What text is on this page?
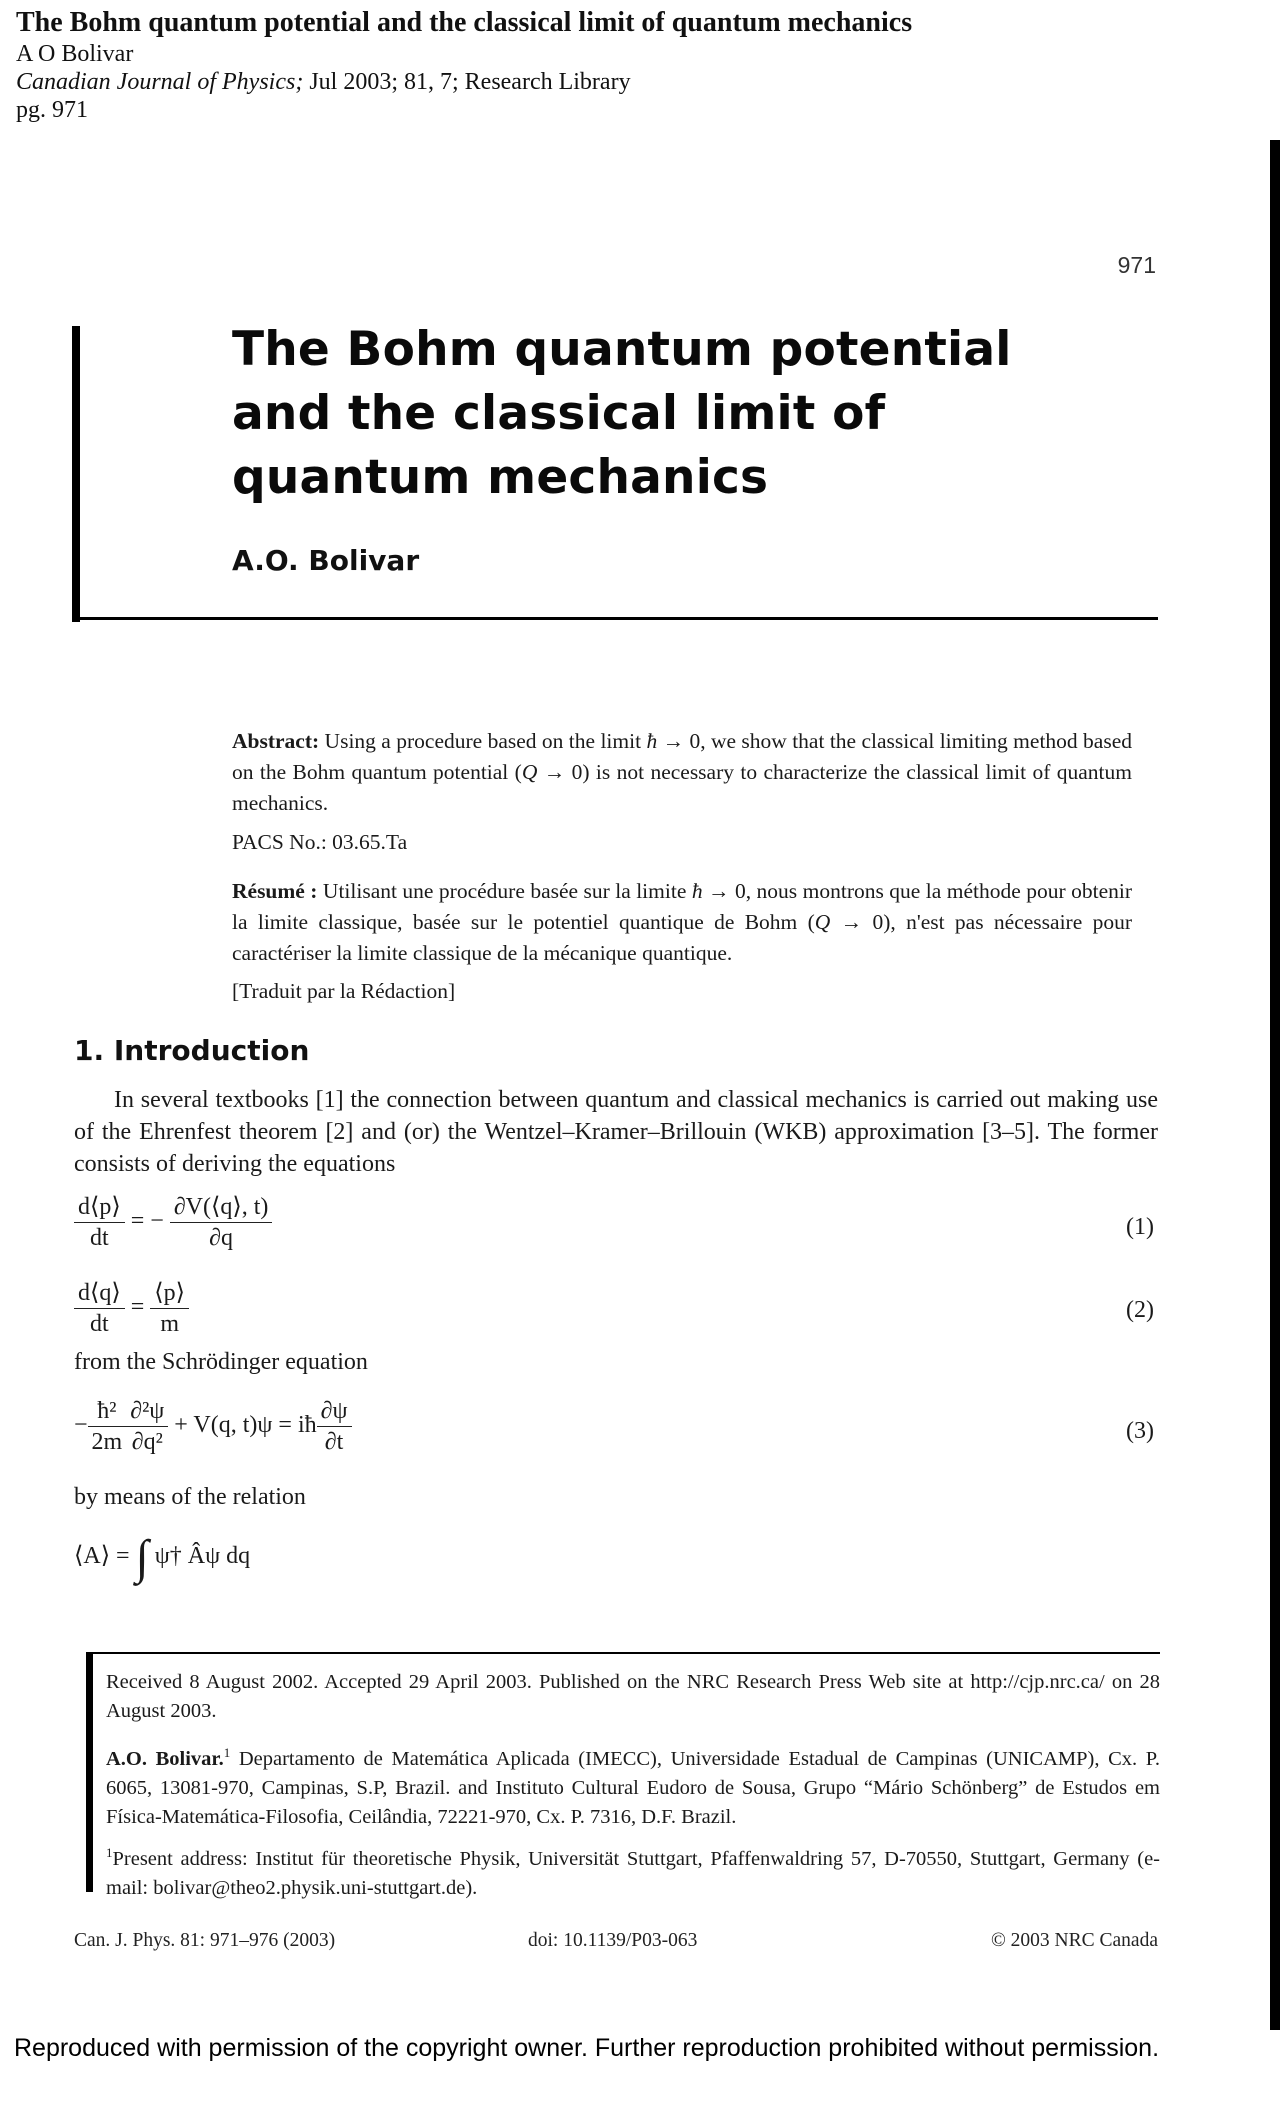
The Bohm quantum potential and the classical limit of quantum mechanics
A O Bolivar
Canadian Journal of Physics; Jul 2003; 81, 7; Research Library
pg. 971
971
The Bohm quantum potential and the classical limit of quantum mechanics
A.O. Bolivar
Abstract: Using a procedure based on the limit ħ → 0, we show that the classical limiting method based on the Bohm quantum potential (Q → 0) is not necessary to characterize the classical limit of quantum mechanics.
PACS No.: 03.65.Ta
Résumé : Utilisant une procédure basée sur la limite ħ → 0, nous montrons que la méthode pour obtenir la limite classique, basée sur le potentiel quantique de Bohm (Q → 0), n'est pas nécessaire pour caractériser la limite classique de la mécanique quantique.
[Traduit par la Rédaction]
1. Introduction
In several textbooks [1] the connection between quantum and classical mechanics is carried out making use of the Ehrenfest theorem [2] and (or) the Wentzel–Kramer–Brillouin (WKB) approximation [3–5]. The former consists of deriving the equations
$\frac{d⟨p⟩}{dt}$ = − $\frac{\partial V(⟨q⟩, t)}{\partial q}$	(1)
$\frac{d⟨q⟩}{dt} = \frac{⟨p⟩}{m}$	(2)
from the Schrödinger equation
− $\frac{\text{ħ²}}{2m} \frac{\text{∂²ψ}}{\text{∂q²}} + V(q$, t)ψ = iħ $\frac{\partial\psi}{\partial t}$	(3)
by means of the relation
⟨A⟩ = ∫ ψ† Âψ dq
Received 8 August 2002. Accepted 29 April 2003. Published on the NRC Research Press Web site at http://cjp.nrc.ca/ on 28 August 2003.
A.O. Bolivar.$^1$ Departamento de Matemática Aplicada (IMECC), Universidade Estadual de Campinas (UNICAMP), Cx. P. 6065, 13081-970, Campinas, S.P, Brazil. and Instituto Cultural Eudoro de Sousa, Grupo “Mário Schönberg” de Estudos em Física-Matemática-Filosofia, Ceilândia, 72221-970, Cx. P. 7316, D.F. Brazil.
$^1$Present address: Institut für theoretische Physik, Universität Stuttgart, Pfaffenwaldring 57, D-70550, Stuttgart, Germany (e-mail: bolivar@theo2.physik.uni-stuttgart.de).
Can. J. Phys. 81: 971–976 (2003)	doi: 10.1139/P03-063	© 2003 NRC Canada
Reproduced with permission of the copyright owner. Further reproduction prohibited without permission.
